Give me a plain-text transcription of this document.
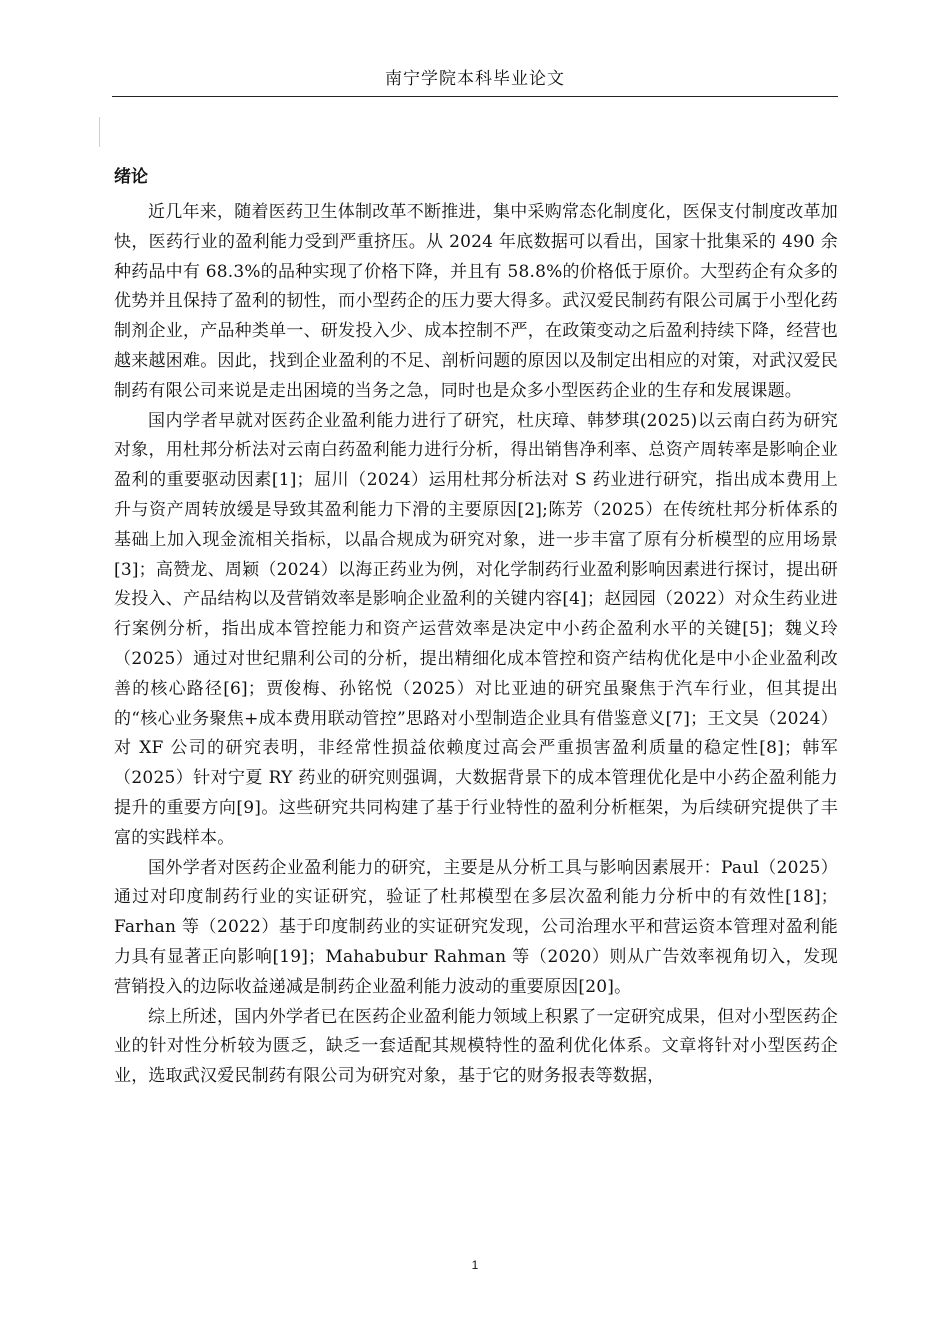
南宁学院本科毕业论文
绪论

近几年来，随着医药卫生体制改革不断推进，集中采购常态化制度化，医保支付制度改革加快，医药行业的盈利能力受到严重挤压。从 2024 年底数据可以看出，国家十批集采的 490 余种药品中有 68.3%的品种实现了价格下降，并且有 58.8%的价格低于原价。大型药企有众多的优势并且保持了盈利的韧性，而小型药企的压力要大得多。武汉爱民制药有限公司属于小型化药制剂企业，产品种类单一、研发投入少、成本控制不严，在政策变动之后盈利持续下降，经营也越来越困难。因此，找到企业盈利的不足、剖析问题的原因以及制定出相应的对策，对武汉爱民制药有限公司来说是走出困境的当务之急，同时也是众多小型医药企业的生存和发展课题。

国内学者早就对医药企业盈利能力进行了研究，杜庆璋、韩梦琪(2025)以云南白药为研究对象，用杜邦分析法对云南白药盈利能力进行分析，得出销售净利率、总资产周转率是影响企业盈利的重要驱动因素[1]；屈川（2024）运用杜邦分析法对 S 药业进行研究，指出成本费用上升与资产周转放缓是导致其盈利能力下滑的主要原因[2];陈芳（2025）在传统杜邦分析体系的基础上加入现金流相关指标，以晶合规成为研究对象，进一步丰富了原有分析模型的应用场景[3]；高赞龙、周颖（2024）以海正药业为例，对化学制药行业盈利影响因素进行探讨，提出研发投入、产品结构以及营销效率是影响企业盈利的关键内容[4]；赵园园（2022）对众生药业进行案例分析，指出成本管控能力和资产运营效率是决定中小药企盈利水平的关键[5]；魏义玲（2025）通过对世纪鼎利公司的分析，提出精细化成本管控和资产结构优化是中小企业盈利改善的核心路径[6]；贾俊梅、孙铭悦（2025）对比亚迪的研究虽聚焦于汽车行业，但其提出的“核心业务聚焦+成本费用联动管控”思路对小型制造企业具有借鉴意义[7]；王文昊（2024）对 XF 公司的研究表明，非经常性损益依赖度过高会严重损害盈利质量的稳定性[8]；韩军（2025）针对宁夏 RY 药业的研究则强调，大数据背景下的成本管理优化是中小药企盈利能力提升的重要方向[9]。这些研究共同构建了基于行业特性的盈利分析框架，为后续研究提供了丰富的实践样本。

国外学者对医药企业盈利能力的研究，主要是从分析工具与影响因素展开：Paul（2025）通过对印度制药行业的实证研究，验证了杜邦模型在多层次盈利能力分析中的有效性[18]；Farhan 等（2022）基于印度制药业的实证研究发现，公司治理水平和营运资本管理对盈利能力具有显著正向影响[19]；Mahabubur Rahman 等（2020）则从广告效率视角切入，发现营销投入的边际收益递减是制药企业盈利能力波动的重要原因[20]。

综上所述，国内外学者已在医药企业盈利能力领域上积累了一定研究成果，但对小型医药企业的针对性分析较为匮乏，缺乏一套适配其规模特性的盈利优化体系。文章将针对小型医药企业，选取武汉爱民制药有限公司为研究对象，基于它的财务报表等数据，

1
